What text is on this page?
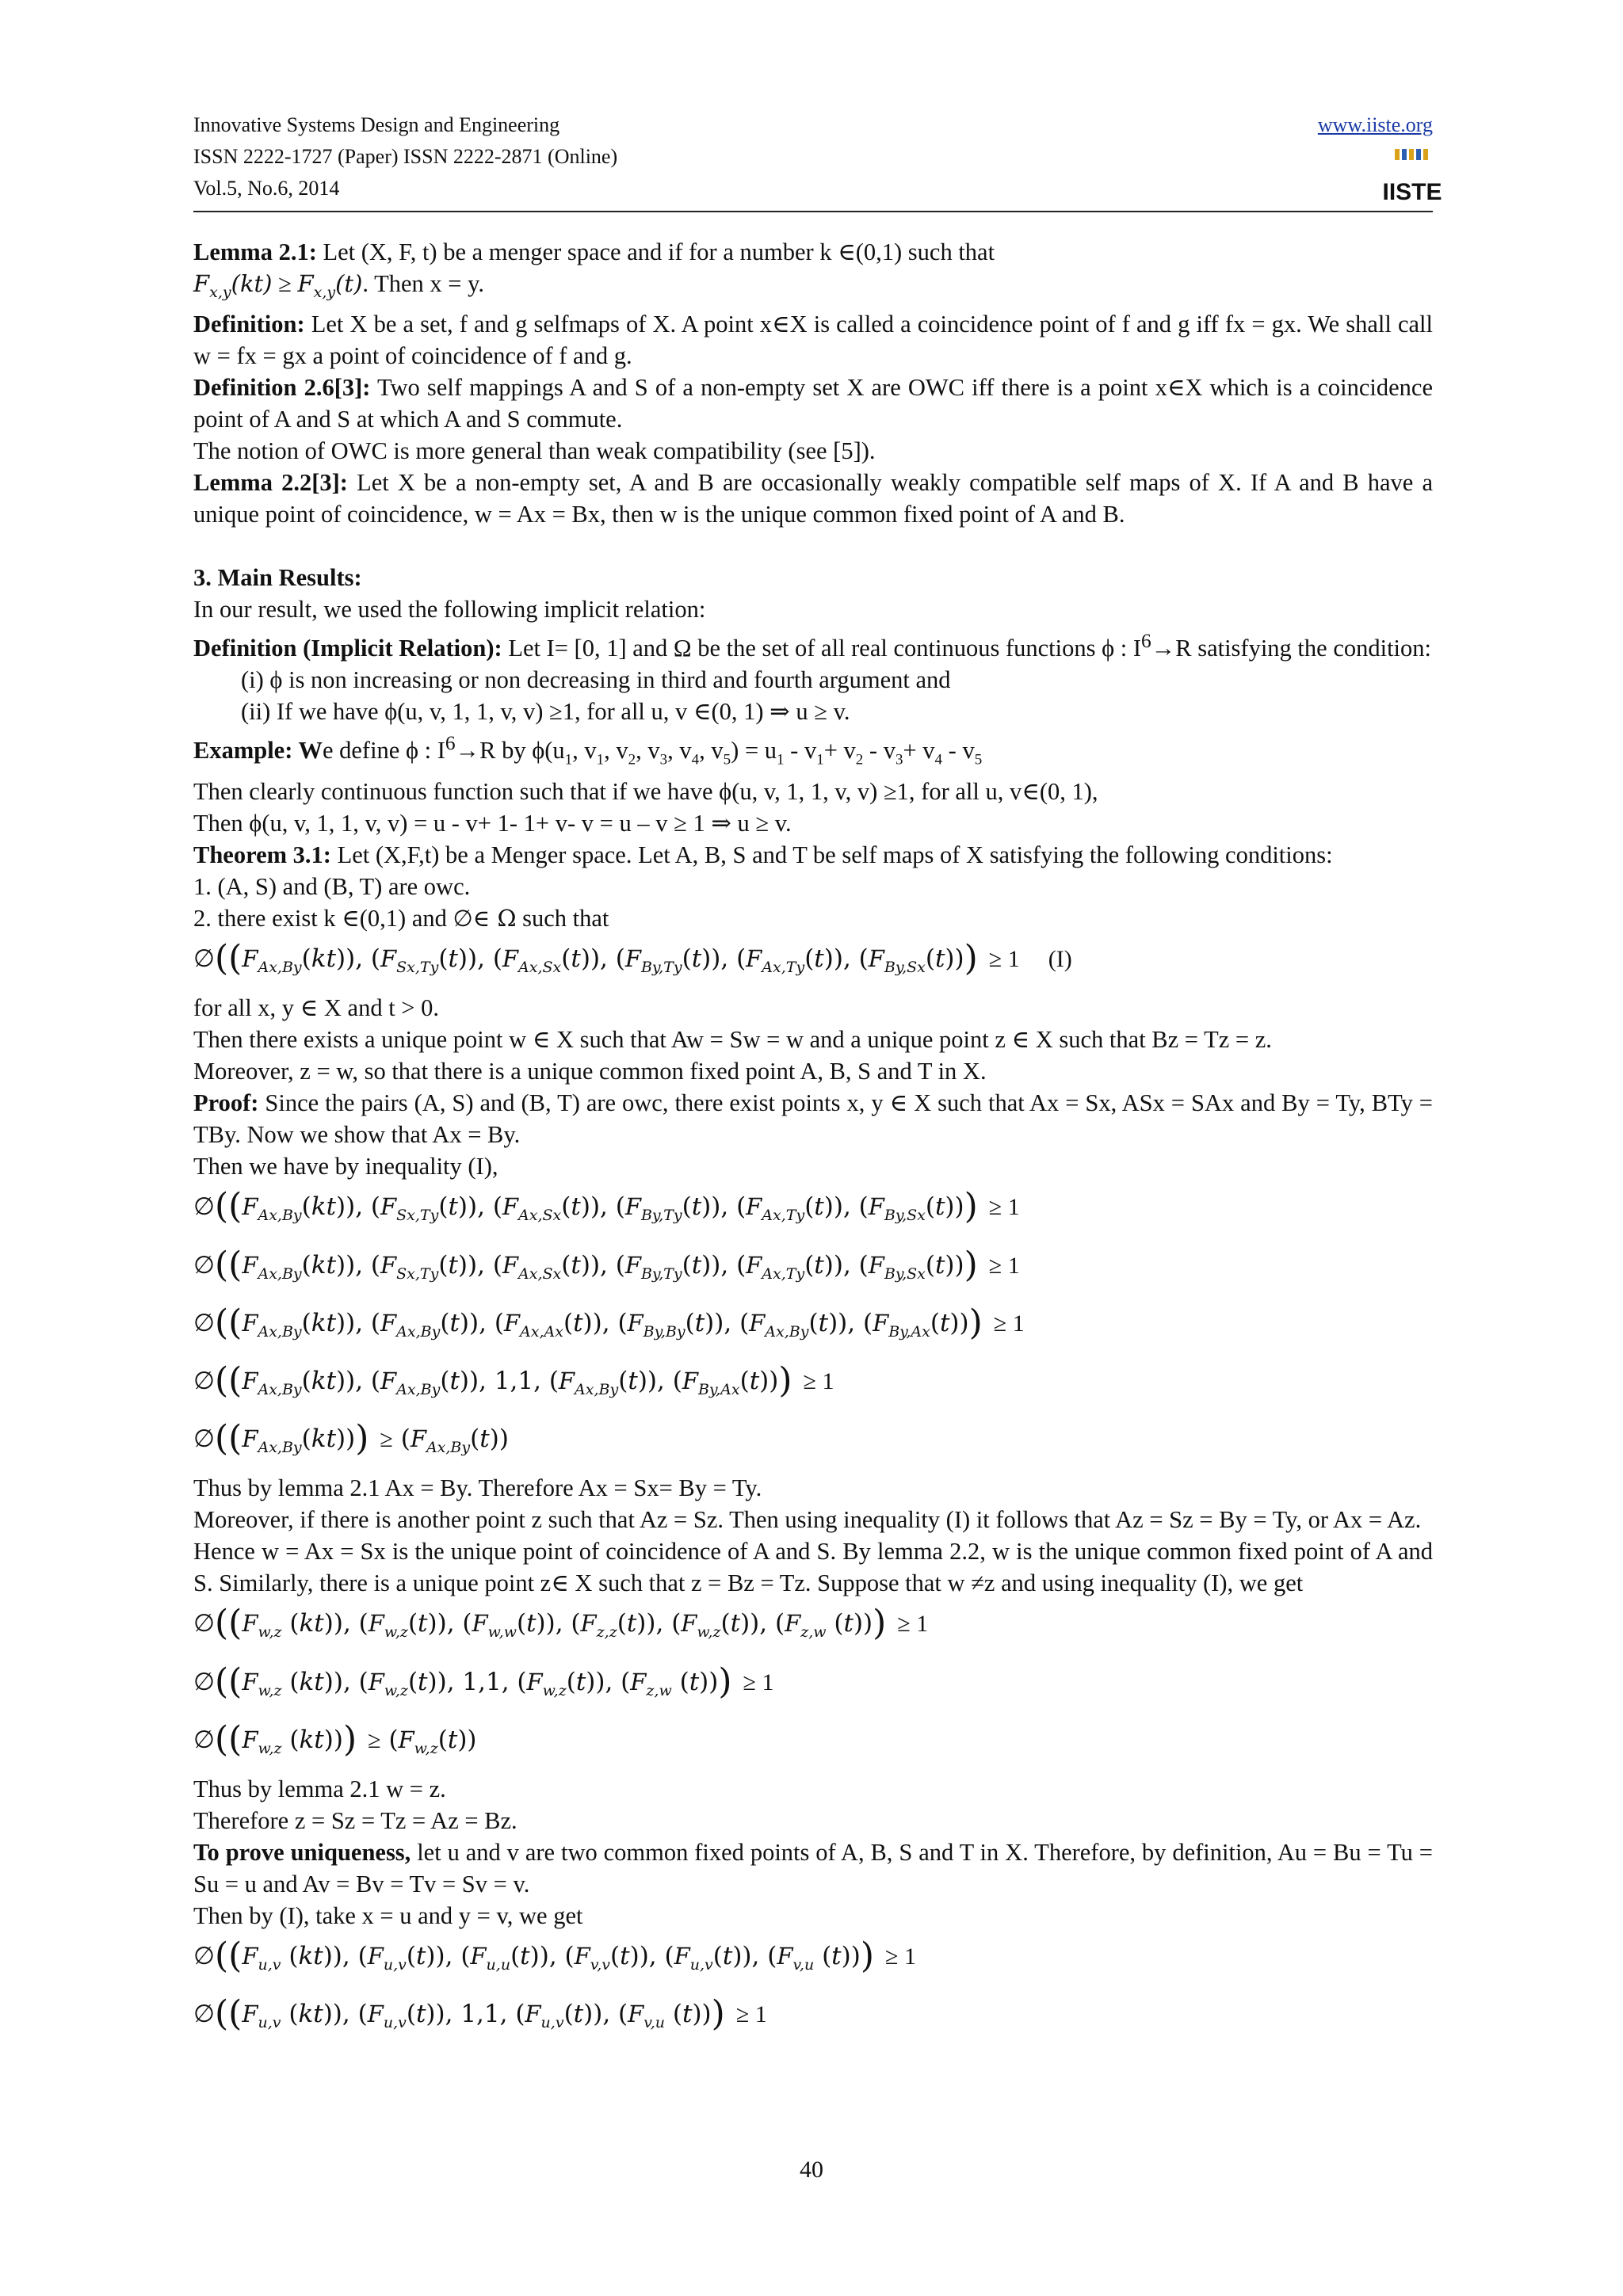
Innovative Systems Design and Engineering
ISSN 2222-1727 (Paper) ISSN 2222-2871 (Online)
Vol.5, No.6, 2014
www.iiste.org
IISTE

Lemma 2.1: Let (X, F, t) be a menger space and if for a number k ∈(0,1) such that

$F_{x,y}(kt) \ge F_{x,y}(t)$. Then x = y.

Definition: Let X be a set, f and g selfmaps of X. A point x∈X is called a coincidence point of f and g iff fx = gx. We shall call w = fx = gx a point of coincidence of f and g.

Definition 2.6[3]: Two self mappings A and S of a non-empty set X are OWC iff there is a point x∈X which is a coincidence point of A and S at which A and S commute.

The notion of OWC is more general than weak compatibility (see [5]).

Lemma 2.2[3]: Let X be a non-empty set, A and B are occasionally weakly compatible self maps of X. If A and B have a unique point of coincidence, w = Ax = Bx, then w is the unique common fixed point of A and B.

3. Main Results:

In our result, we used the following implicit relation:

Definition (Implicit Relation): Let I= [0, 1] and Ω be the set of all real continuous functions ϕ : $I^6\to R$ satisfying the condition:

(i) ϕ is non increasing or non decreasing in third and fourth argument and

(ii) If we have ϕ(u, v, 1, 1, v, v) ≥1, for all u, v ∈(0, 1) ⇒ u ≥ v.

Example: We define ϕ : $I^6\to R$ by $\phi(u_1$, $v_1$, $v_2$, $v_3$, $v_4$, $v_5) = u_1 - v_1+ v_2 - v_3+ v_4 - v_5$

Then clearly continuous function such that if we have ϕ(u, v, 1, 1, v, v) ≥1, for all u, v∈(0, 1),

Then ϕ(u, v, 1, 1, v, v) = u - v+ 1- 1+ v- v = u – v ≥ 1 ⇒ u ≥ v.

Theorem 3.1: Let (X,F,t) be a Menger space. Let A, B, S and T be self maps of X satisfying the following conditions:

1. (A, S) and (B, T) are owc.

2. there exist k ∈(0,1) and ∅∈ Ω such that

$\emptyset((F_{Ax,By}(kt))$, $(F_{Sx,Ty}(t))$, $(F_{Ax,Sx}(t))$, $(F_{By,Ty}(t))$, $(F_{Ax,Ty}(t))$, $(F_{By,Sx}(t))) \ge 1$ (I)

for all x, y ∈ X and t > 0.

Then there exists a unique point w ∈ X such that Aw = Sw = w and a unique point z ∈ X such that Bz = Tz = z.

Moreover, z = w, so that there is a unique common fixed point A, B, S and T in X.

Proof: Since the pairs (A, S) and (B, T) are owc, there exist points x, y ∈ X such that Ax = Sx, ASx = SAx and By = Ty, BTy = TBy. Now we show that Ax = By.

Then we have by inequality (I),

$\emptyset((F_{Ax,By}(kt))$, $(F_{Sx,Ty}(t))$, $(F_{Ax,Sx}(t))$, $(F_{By,Ty}(t))$, $(F_{Ax,Ty}(t))$, $(F_{By,Sx}(t))) \ge 1$
$\emptyset((F_{Ax,By}(kt))$, $(F_{Sx,Ty}(t))$, $(F_{Ax,Sx}(t))$, $(F_{By,Ty}(t))$, $(F_{Ax,Ty}(t))$, $(F_{By,Sx}(t))) \ge 1$
$\emptyset((F_{Ax,By}(kt))$, $(F_{Ax,By}(t))$, $(F_{Ax,Ax}(t))$, $(F_{By,By}(t))$, $(F_{Ax,By}(t))$, $(F_{By,Ax}(t))) \ge 1$
$\emptyset((F_{Ax,By}(kt))$, $(F_{Ax,By}(t))$, 1,1, $(F_{Ax,By}(t))$, $(F_{By,Ax}(t))) \ge 1$
$\emptyset((F_{Ax,By}(kt))) \ge (F_{Ax,By}(t))$

Thus by lemma 2.1 Ax = By. Therefore Ax = Sx= By = Ty.

Moreover, if there is another point z such that Az = Sz. Then using inequality (I) it follows that Az = Sz = By = Ty, or Ax = Az.

Hence w = Ax = Sx is the unique point of coincidence of A and S. By lemma 2.2, w is the unique common fixed point of A and S. Similarly, there is a unique point z∈ X such that z = Bz = Tz. Suppose that w ≠z and using inequality (I), we get

$\emptyset((F_{w,z}$ (kt)), $(F_{w,z}(t))$, $(F_{w,w}(t))$, $(F_{z,z}(t))$, $(F_{w,z}(t))$, ($F_{z,w}$ (t))) ≥ 1
$\emptyset((F_{w,z}$ (kt)), $(F_{w,z}(t))$, 1,1, $(F_{w,z}(t))$, ($F_{z,w}$ (t))) ≥ 1
$\emptyset((F_{w,z}$ $(kt))) \ge (F_{w,z}(t))$

Thus by lemma 2.1 w = z.

Therefore z = Sz = Tz = Az = Bz.

To prove uniqueness, let u and v are two common fixed points of A, B, S and T in X. Therefore, by definition, Au = Bu = Tu = Su = u and Av = Bv = Tv = Sv = v.

Then by (I), take x = u and y = v, we get

$\emptyset((F_{u,v}$ (kt)), $(F_{u,v}(t))$, $(F_{u,u}(t))$, $(F_{v,v}(t))$, $(F_{u,v}(t))$, ($F_{v,u}$ (t))) ≥ 1
$\emptyset((F_{u,v}$ (kt)), $(F_{u,v}(t))$, 1,1, $(F_{u,v}(t))$, ($F_{v,u}$ (t))) ≥ 1
40
